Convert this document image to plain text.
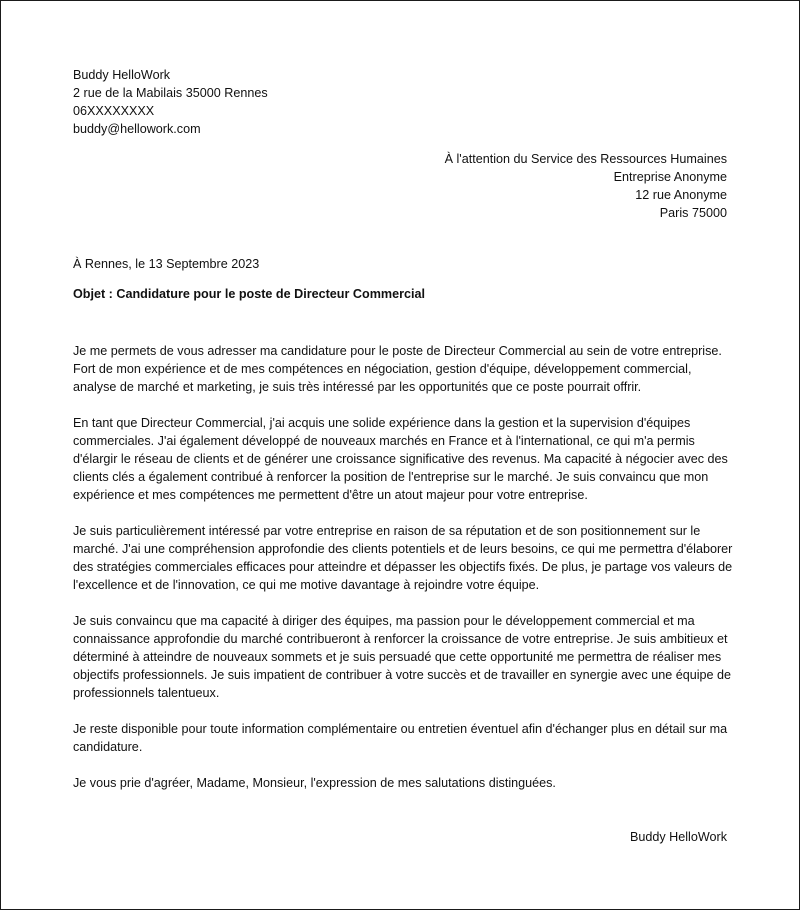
Buddy HelloWork
2 rue de la Mabilais 35000 Rennes
06XXXXXXXX
buddy@hellowork.com
À l'attention du Service des Ressources Humaines
Entreprise Anonyme
12 rue Anonyme
Paris 75000
À Rennes, le 13 Septembre 2023
Objet : Candidature pour le poste de Directeur Commercial

Je me permets de vous adresser ma candidature pour le poste de Directeur Commercial au sein de votre entreprise. Fort de mon expérience et de mes compétences en négociation, gestion d'équipe, développement commercial, analyse de marché et marketing, je suis très intéressé par les opportunités que ce poste pourrait offrir.

En tant que Directeur Commercial, j'ai acquis une solide expérience dans la gestion et la supervision d'équipes commerciales. J'ai également développé de nouveaux marchés en France et à l'international, ce qui m'a permis d'élargir le réseau de clients et de générer une croissance significative des revenus. Ma capacité à négocier avec des clients clés a également contribué à renforcer la position de l'entreprise sur le marché. Je suis convaincu que mon expérience et mes compétences me permettent d'être un atout majeur pour votre entreprise.

Je suis particulièrement intéressé par votre entreprise en raison de sa réputation et de son positionnement sur le marché. J'ai une compréhension approfondie des clients potentiels et de leurs besoins, ce qui me permettra d'élaborer des stratégies commerciales efficaces pour atteindre et dépasser les objectifs fixés. De plus, je partage vos valeurs de l'excellence et de l'innovation, ce qui me motive davantage à rejoindre votre équipe.

Je suis convaincu que ma capacité à diriger des équipes, ma passion pour le développement commercial et ma connaissance approfondie du marché contribueront à renforcer la croissance de votre entreprise. Je suis ambitieux et déterminé à atteindre de nouveaux sommets et je suis persuadé que cette opportunité me permettra de réaliser mes objectifs professionnels. Je suis impatient de contribuer à votre succès et de travailler en synergie avec une équipe de professionnels talentueux.

Je reste disponible pour toute information complémentaire ou entretien éventuel afin d'échanger plus en détail sur ma candidature.

Je vous prie d'agréer, Madame, Monsieur, l'expression de mes salutations distinguées.

Buddy HelloWork
